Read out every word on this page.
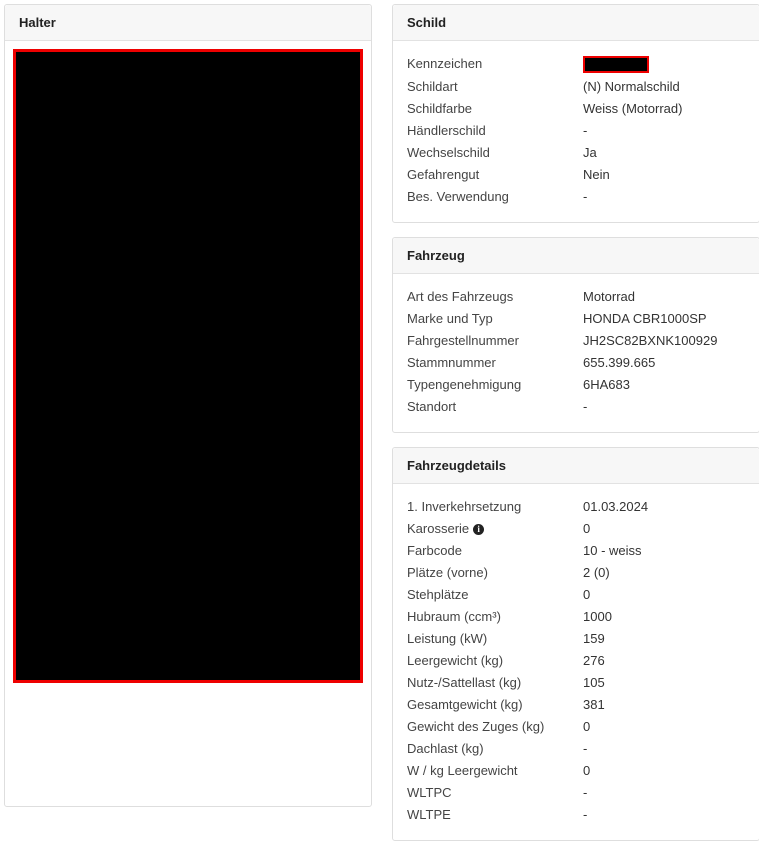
Halter	Schild
Kennzeichen	
Schildart	(N) Normalschild
Schildfarbe	Weiss (Motorrad)
Händlerschild	-
Wechselschild	Ja
Gefahrengut	Nein
Bes. Verwendung	-
Fahrzeug
Art des Fahrzeugs	Motorrad
Marke und Typ	HONDA CBR1000SP
Fahrgestellnummer	JH2SC82BXNK100929
Stammnummer	655.399.665
Typengenehmigung	6HA683
Standort	-
Fahrzeugdetails
1. Inverkehrsetzung	01.03.2024
Karosserie i	0
Farbcode	10 - weiss
Plätze (vorne)	2 (0)
Stehplätze	0
Hubraum (ccm³)	1000
Leistung (kW)	159
Leergewicht (kg)	276
Nutz-/Sattellast (kg)	105
Gesamtgewicht (kg)	381
Gewicht des Zuges (kg)	0
Dachlast (kg)	-
W / kg Leergewicht	0
WLTPC	-
WLTPE	-
